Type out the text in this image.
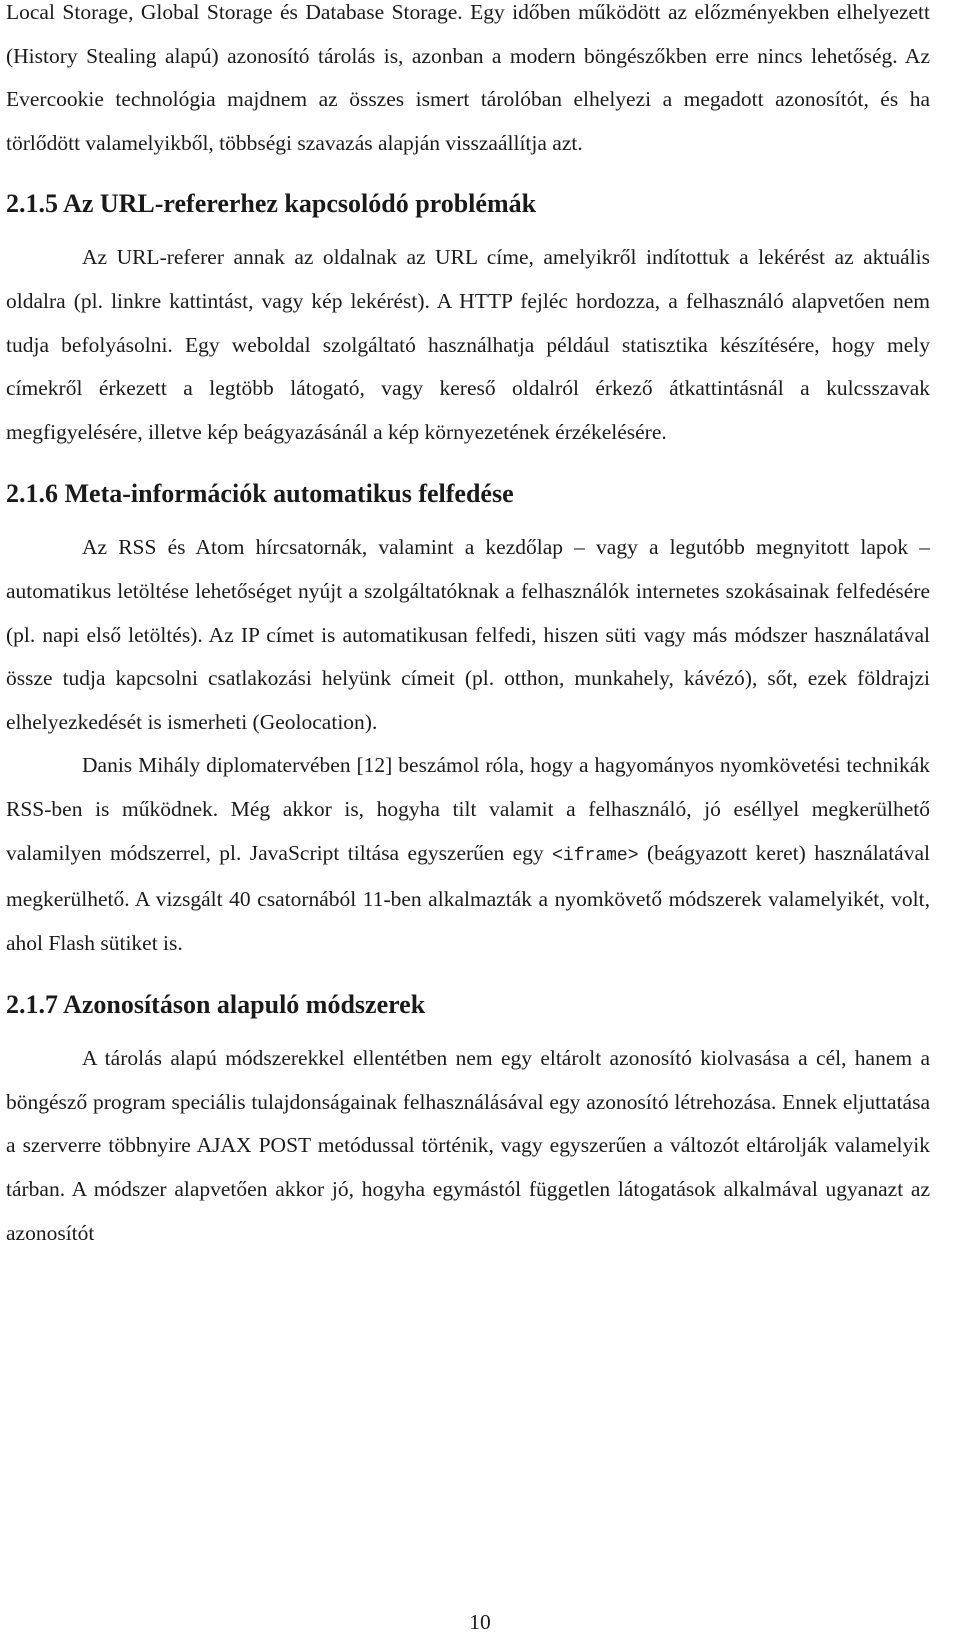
Local Storage, Global Storage és Database Storage. Egy időben működött az előzményekben elhelyezett (History Stealing alapú) azonosító tárolás is, azonban a modern böngészőkben erre nincs lehetőség. Az Evercookie technológia majdnem az összes ismert tárolóban elhelyezi a megadott azonosítót, és ha törlődött valamelyikből, többségi szavazás alapján visszaállítja azt.

2.1.5 Az URL-refererhez kapcsolódó problémák

Az URL-referer annak az oldalnak az URL címe, amelyikről indítottuk a lekérést az aktuális oldalra (pl. linkre kattintást, vagy kép lekérést). A HTTP fejléc hordozza, a felhasználó alapvetően nem tudja befolyásolni. Egy weboldal szolgáltató használhatja például statisztika készítésére, hogy mely címekről érkezett a legtöbb látogató, vagy kereső oldalról érkező átkattintásnál a kulcsszavak megfigyelésére, illetve kép beágyazásánál a kép környezetének érzékelésére.

2.1.6 Meta-információk automatikus felfedése

Az RSS és Atom hírcsatornák, valamint a kezdőlap – vagy a legutóbb megnyitott lapok – automatikus letöltése lehetőséget nyújt a szolgáltatóknak a felhasználók internetes szokásainak felfedésére (pl. napi első letöltés). Az IP címet is automatikusan felfedi, hiszen süti vagy más módszer használatával össze tudja kapcsolni csatlakozási helyünk címeit (pl. otthon, munkahely, kávézó), sőt, ezek földrajzi elhelyezkedését is ismerheti (Geolocation).

Danis Mihály diplomatervében [12] beszámol róla, hogy a hagyományos nyomkövetési technikák RSS-ben is működnek. Még akkor is, hogyha tilt valamit a felhasználó, jó eséllyel megkerülhető valamilyen módszerrel, pl. JavaScript tiltása egyszerűen egy <iframe> (beágyazott keret) használatával megkerülhető. A vizsgált 40 csatornából 11-ben alkalmazták a nyomkövető módszerek valamelyikét, volt, ahol Flash sütiket is.

2.1.7 Azonosításon alapuló módszerek

A tárolás alapú módszerekkel ellentétben nem egy eltárolt azonosító kiolvasása a cél, hanem a böngésző program speciális tulajdonságainak felhasználásával egy azonosító létrehozása. Ennek eljuttatása a szerverre többnyire AJAX POST metódussal történik, vagy egyszerűen a változót eltárolják valamelyik tárban. A módszer alapvetően akkor jó, hogyha egymástól független látogatások alkalmával ugyanazt az azonosítót

10
